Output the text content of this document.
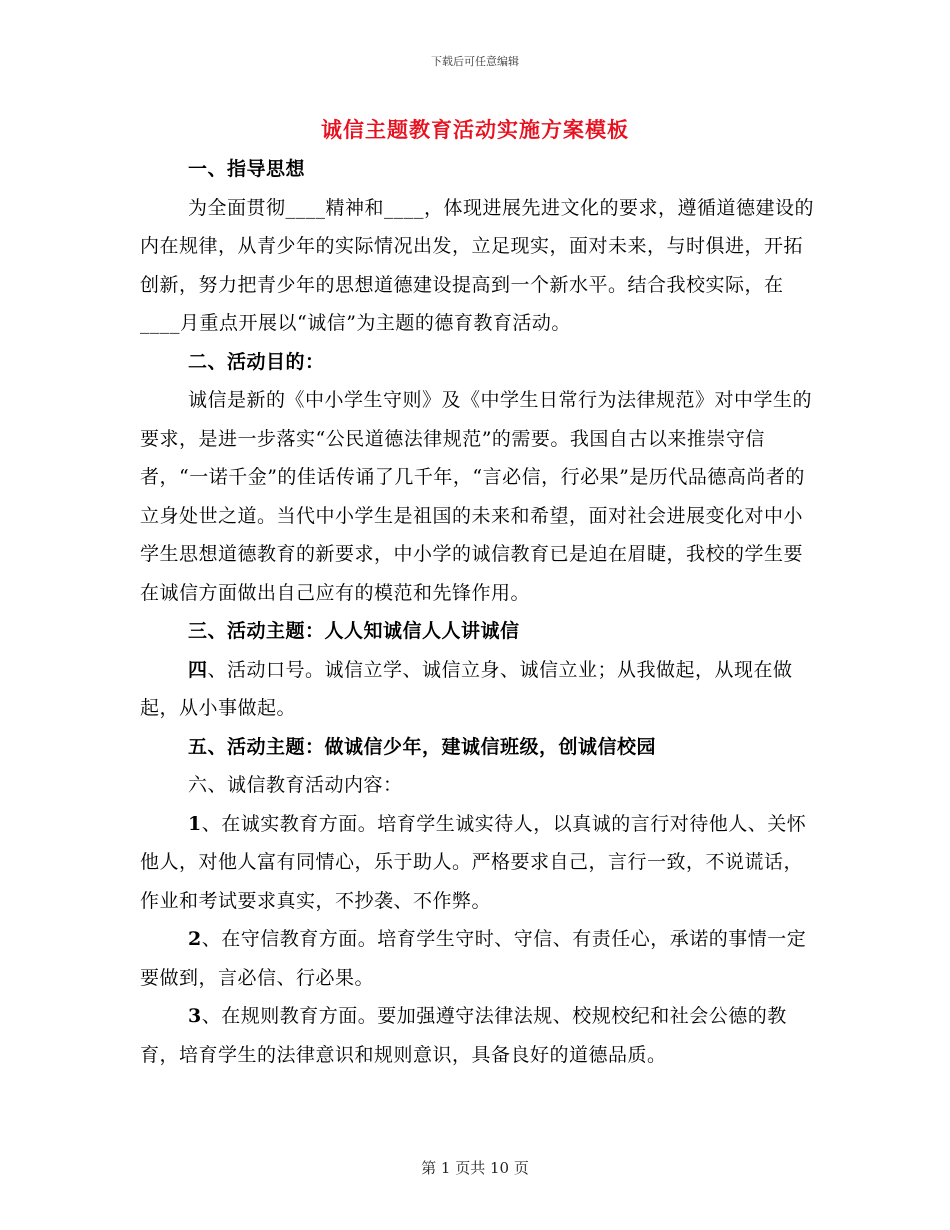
下载后可任意编辑
诚信主题教育活动实施方案模板

一、指导思想

为全面贯彻____精神和____，体现进展先进文化的要求，遵循道德建设的内在规律，从青少年的实际情况出发，立足现实，面对未来，与时俱进，开拓创新，努力把青少年的思想道德建设提高到一个新水平。结合我校实际，在____月重点开展以“诚信”为主题的德育教育活动。

二、活动目的：

诚信是新的《中小学生守则》及《中学生日常行为法律规范》对中学生的要求，是进一步落实“公民道德法律规范”的需要。我国自古以来推崇守信者，“一诺千金”的佳话传诵了几千年，“言必信，行必果”是历代品德高尚者的立身处世之道。当代中小学生是祖国的未来和希望，面对社会进展变化对中小学生思想道德教育的新要求，中小学的诚信教育已是迫在眉睫，我校的学生要在诚信方面做出自己应有的模范和先锋作用。

三、活动主题：人人知诚信人人讲诚信

四、活动口号。诚信立学、诚信立身、诚信立业；从我做起，从现在做起，从小事做起。

五、活动主题：做诚信少年，建诚信班级，创诚信校园

六、诚信教育活动内容：

1、在诚实教育方面。培育学生诚实待人，以真诚的言行对待他人、关怀他人，对他人富有同情心，乐于助人。严格要求自己，言行一致，不说谎话，作业和考试要求真实，不抄袭、不作弊。

2、在守信教育方面。培育学生守时、守信、有责任心，承诺的事情一定要做到，言必信、行必果。

3、在规则教育方面。要加强遵守法律法规、校规校纪和社会公德的教育，培育学生的法律意识和规则意识，具备良好的道德品质。

第 1 页共 10 页
